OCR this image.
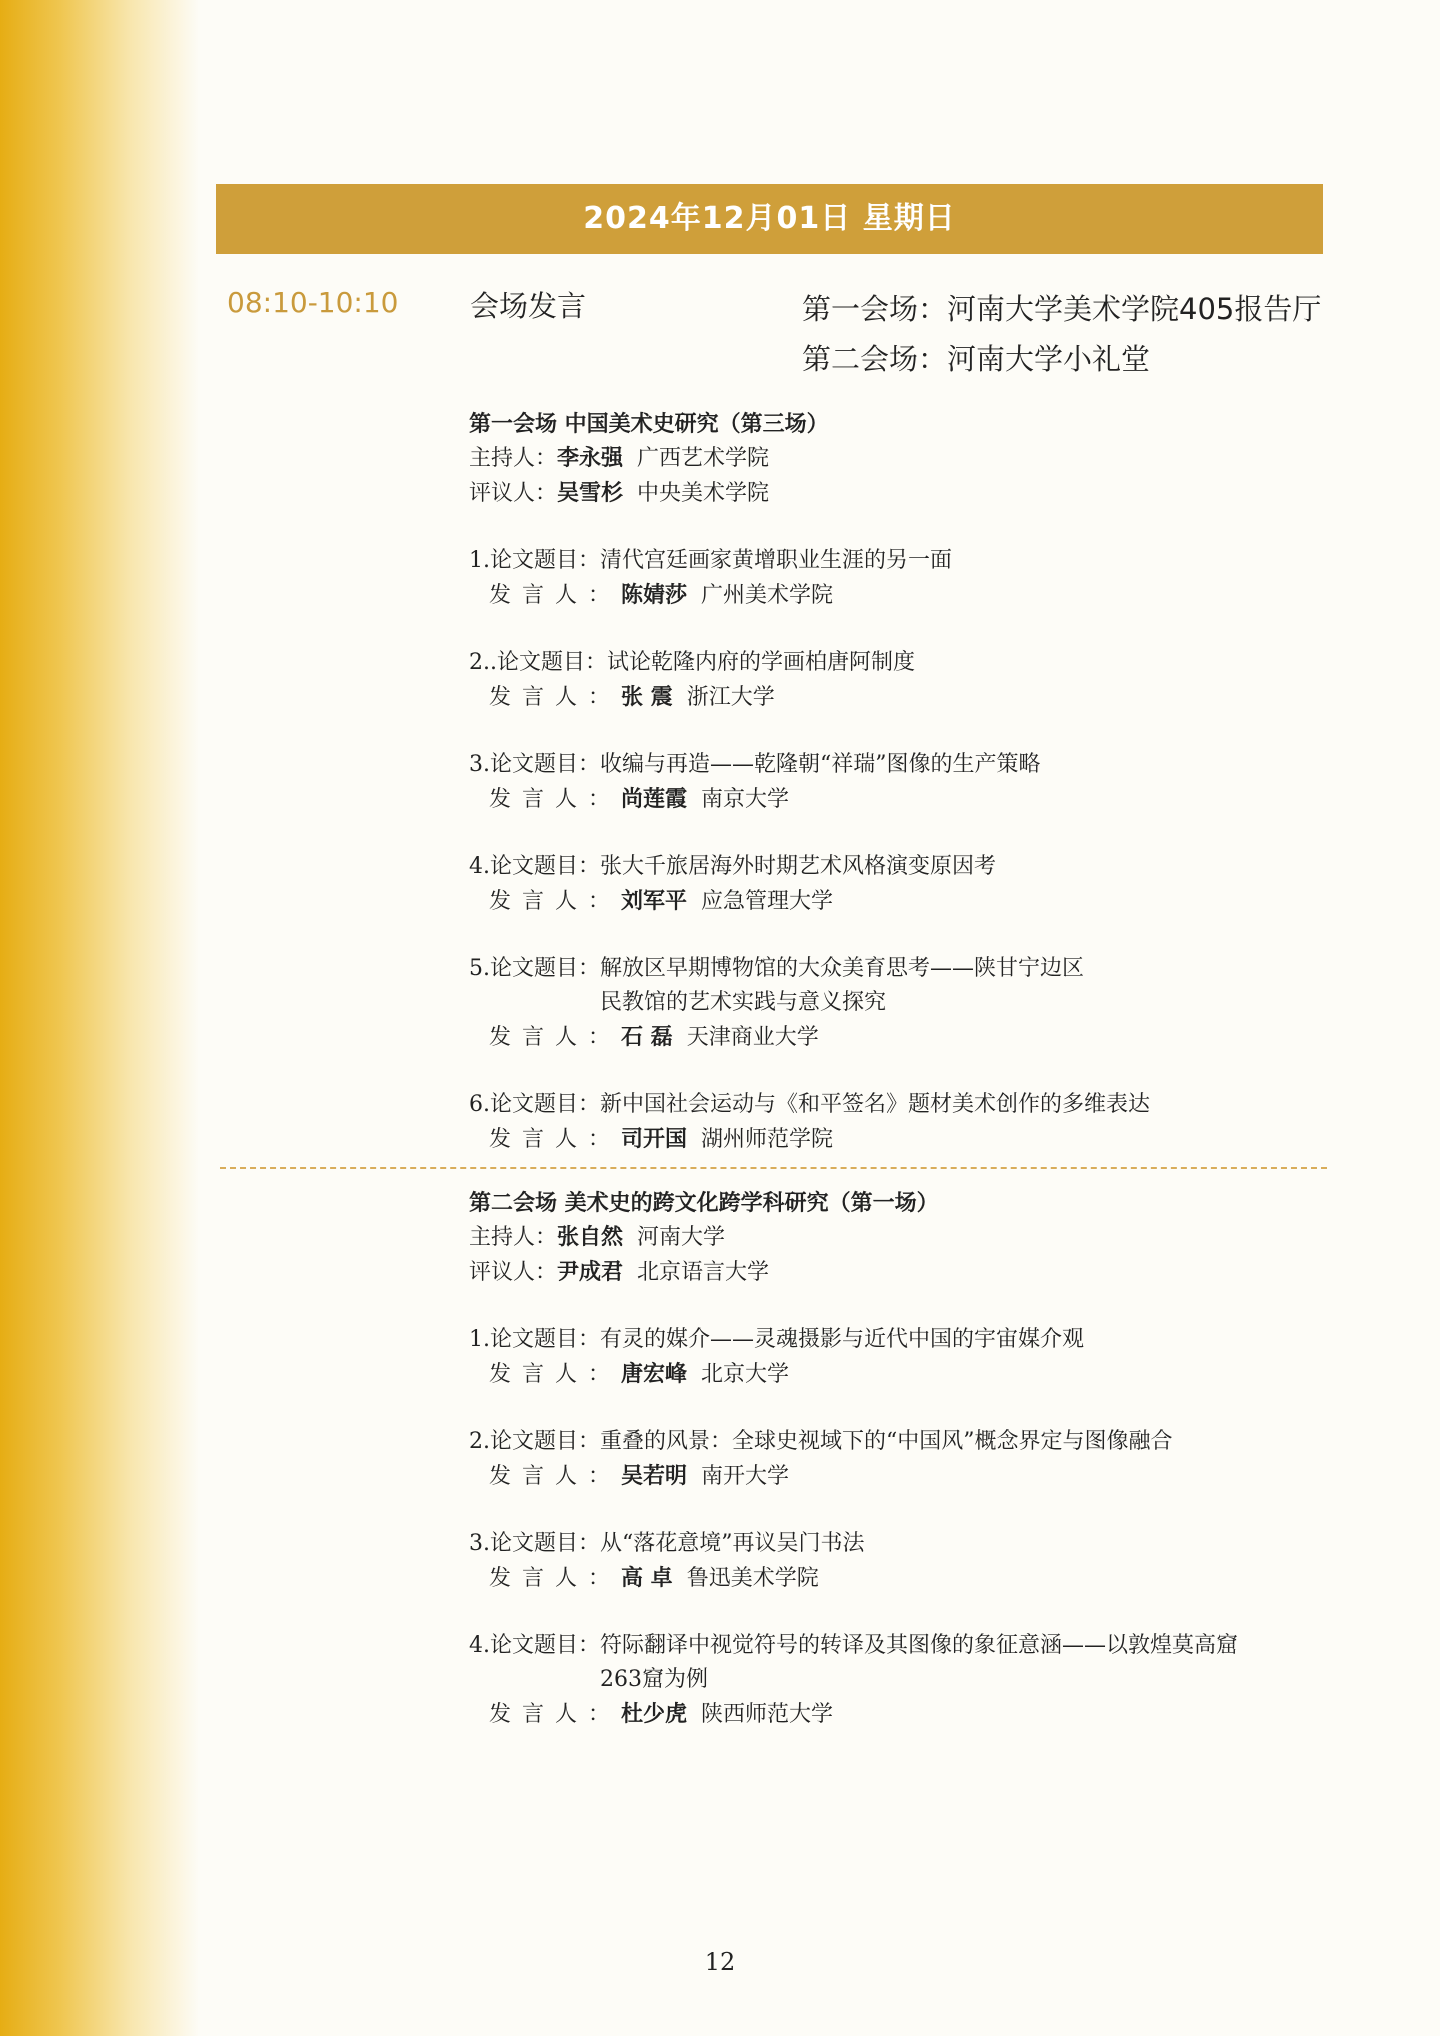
2024年12月01日 星期日
08:10-10:10 会场发言	第一会场：河南大学美术学院405报告厅
第二会场：河南大学小礼堂
第一会场 中国美术史研究（第三场）
主持人：李永强 广西艺术学院
评议人：吴雪杉 中央美术学院
1.论文题目： 清代宫廷画家黄增职业生涯的另一面
发言人：陈婧莎 广州美术学院
2..论文题目： 试论乾隆内府的学画柏唐阿制度
发言人：张 震 浙江大学
3.论文题目： 收编与再造——乾隆朝“祥瑞”图像的生产策略
发言人：尚莲霞 南京大学
4.论文题目： 张大千旅居海外时期艺术风格演变原因考
发言人：刘军平 应急管理大学
5.论文题目： 解放区早期博物馆的大众美育思考——陕甘宁边区
民教馆的艺术实践与意义探究
发言人：石 磊 天津商业大学
6.论文题目： 新中国社会运动与《和平签名》题材美术创作的多维表达
发言人：司开国 湖州师范学院
第二会场 美术史的跨文化跨学科研究（第一场）
主持人：张自然 河南大学
评议人：尹成君 北京语言大学
1.论文题目： 有灵的媒介——灵魂摄影与近代中国的宇宙媒介观
发言人：唐宏峰 北京大学
2.论文题目： 重叠的风景：全球史视域下的“中国风”概念界定与图像融合
发言人：吴若明 南开大学
3.论文题目： 从“落花意境”再议吴门书法
发言人：高 卓 鲁迅美术学院
4.论文题目： 符际翻译中视觉符号的转译及其图像的象征意涵——以敦煌莫高窟
263窟为例
发言人：杜少虎 陕西师范大学
12
